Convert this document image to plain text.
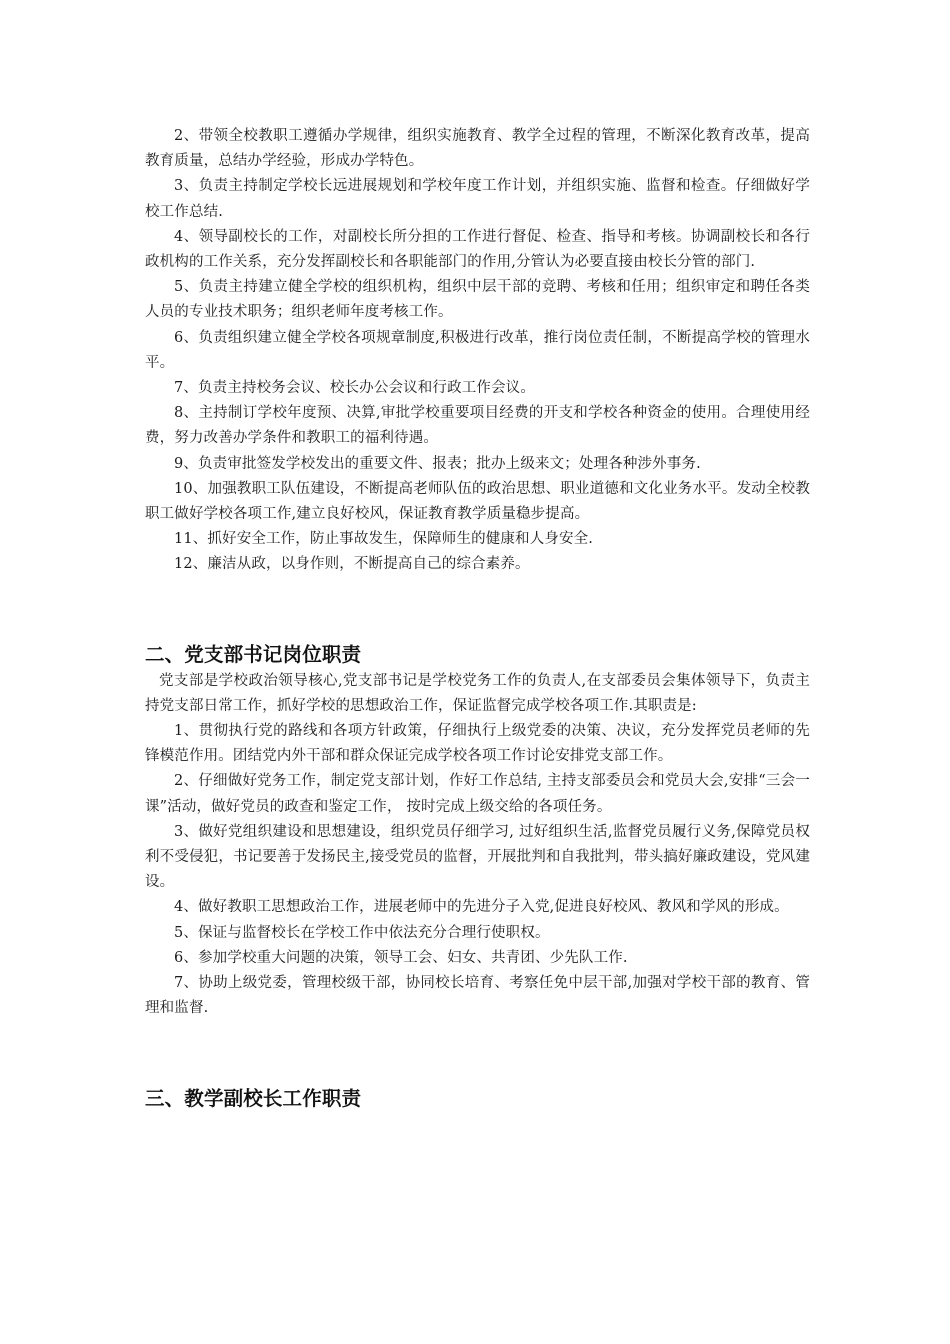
2、带领全校教职工遵循办学规律，组织实施教育、教学全过程的管理，不断深化教育改革，提高教育质量，总结办学经验，形成办学特色。

3、负责主持制定学校长远进展规划和学校年度工作计划，并组织实施、监督和检查。仔细做好学校工作总结.

4、领导副校长的工作，对副校长所分担的工作进行督促、检查、指导和考核。协调副校长和各行政机构的工作关系，充分发挥副校长和各职能部门的作用,分管认为必要直接由校长分管的部门.

5、负责主持建立健全学校的组织机构，组织中层干部的竞聘、考核和任用；组织审定和聘任各类人员的专业技术职务；组织老师年度考核工作。

6、负责组织建立健全学校各项规章制度,积极进行改革，推行岗位责任制，不断提高学校的管理水平。

7、负责主持校务会议、校长办公会议和行政工作会议。

8、主持制订学校年度预、决算,审批学校重要项目经费的开支和学校各种资金的使用。合理使用经费，努力改善办学条件和教职工的福利待遇。

9、负责审批签发学校发出的重要文件、报表；批办上级来文；处理各种涉外事务.

10、加强教职工队伍建设，不断提高老师队伍的政治思想、职业道德和文化业务水平。发动全校教职工做好学校各项工作,建立良好校风，保证教育教学质量稳步提高。

11、抓好安全工作，防止事故发生，保障师生的健康和人身安全.

12、廉洁从政，以身作则，不断提高自己的综合素养。

二、党支部书记岗位职责

党支部是学校政治领导核心,党支部书记是学校党务工作的负责人,在支部委员会集体领导下，负责主持党支部日常工作，抓好学校的思想政治工作，保证监督完成学校各项工作.其职责是:

1、贯彻执行党的路线和各项方针政策，仔细执行上级党委的决策、决议，充分发挥党员老师的先锋模范作用。团结党内外干部和群众保证完成学校各项工作讨论安排党支部工作。

2、仔细做好党务工作，制定党支部计划，作好工作总结, 主持支部委员会和党员大会,安排“三会一课”活动，做好党员的政查和鉴定工作， 按时完成上级交给的各项任务。

3、做好党组织建设和思想建设，组织党员仔细学习, 过好组织生活,监督党员履行义务,保障党员权利不受侵犯，书记要善于发扬民主,接受党员的监督，开展批判和自我批判，带头搞好廉政建设，党风建设。

4、做好教职工思想政治工作，进展老师中的先进分子入党,促进良好校风、教风和学风的形成。

5、保证与监督校长在学校工作中依法充分合理行使职权。

6、参加学校重大问题的决策，领导工会、妇女、共青团、少先队工作.

7、协助上级党委，管理校级干部，协同校长培育、考察任免中层干部,加强对学校干部的教育、管理和监督.

三、教学副校长工作职责
